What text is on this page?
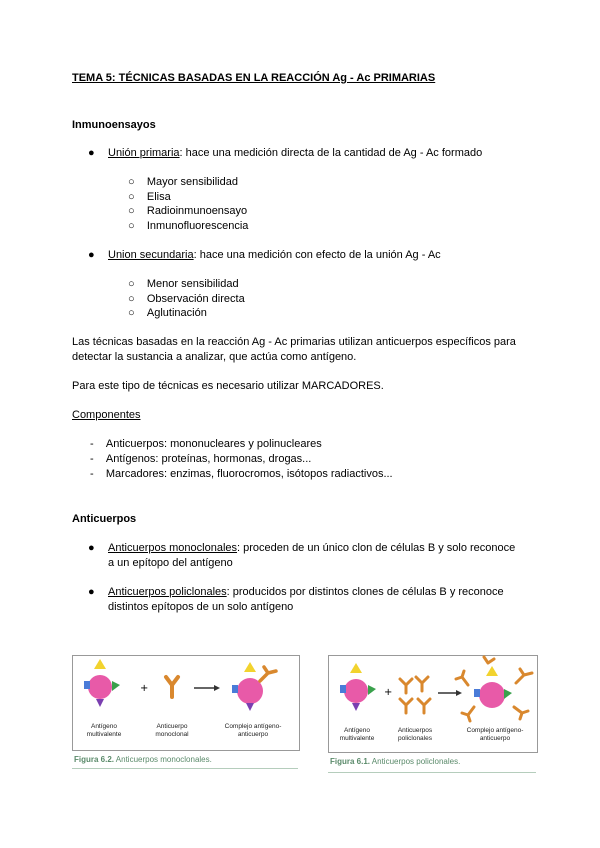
TEMA 5: TÉCNICAS BASADAS EN LA REACCIÓN Ag - Ac PRIMARIAS
Inmunoensayos
● Unión primaria: hace una medición directa de la cantidad de Ag - Ac formado
○    Mayor sensibilidad
○    Elisa
○    Radioinmunoensayo
○    Inmunofluorescencia
● Union secundaria: hace una medición con efecto de la unión Ag - Ac
○    Menor sensibilidad
○    Observación directa
○    Aglutinación
Las técnicas basadas en la reacción Ag - Ac primarias utilizan anticuerpos específicos para
detectar la sustancia a analizar, que actúa como antígeno.
Para este tipo de técnicas es necesario utilizar MARCADORES.
Componentes
-    Anticuerpos: mononucleares y polinucleares
-    Antígenos: proteínas, hormonas, drogas...
-    Marcadores: enzimas, fluorocromos, isótopos radiactivos...
Anticuerpos
● Anticuerpos monoclonales: proceden de un único clon de células B y solo reconoce
a un epítopo del antígeno
● Anticuerpos policlonales: producidos por distintos clones de células B y reconoce
distintos epítopos de un solo antígeno
+
Antígeno multivalente
Anticuerpo monoclonal
Complejo antígeno-anticuerpo
Figura 6.2. Anticuerpos monoclonales.
+
Antígeno multivalente
Anticuerpos policlonales
Complejo antígeno-anticuerpo
Figura 6.1. Anticuerpos policlonales.
